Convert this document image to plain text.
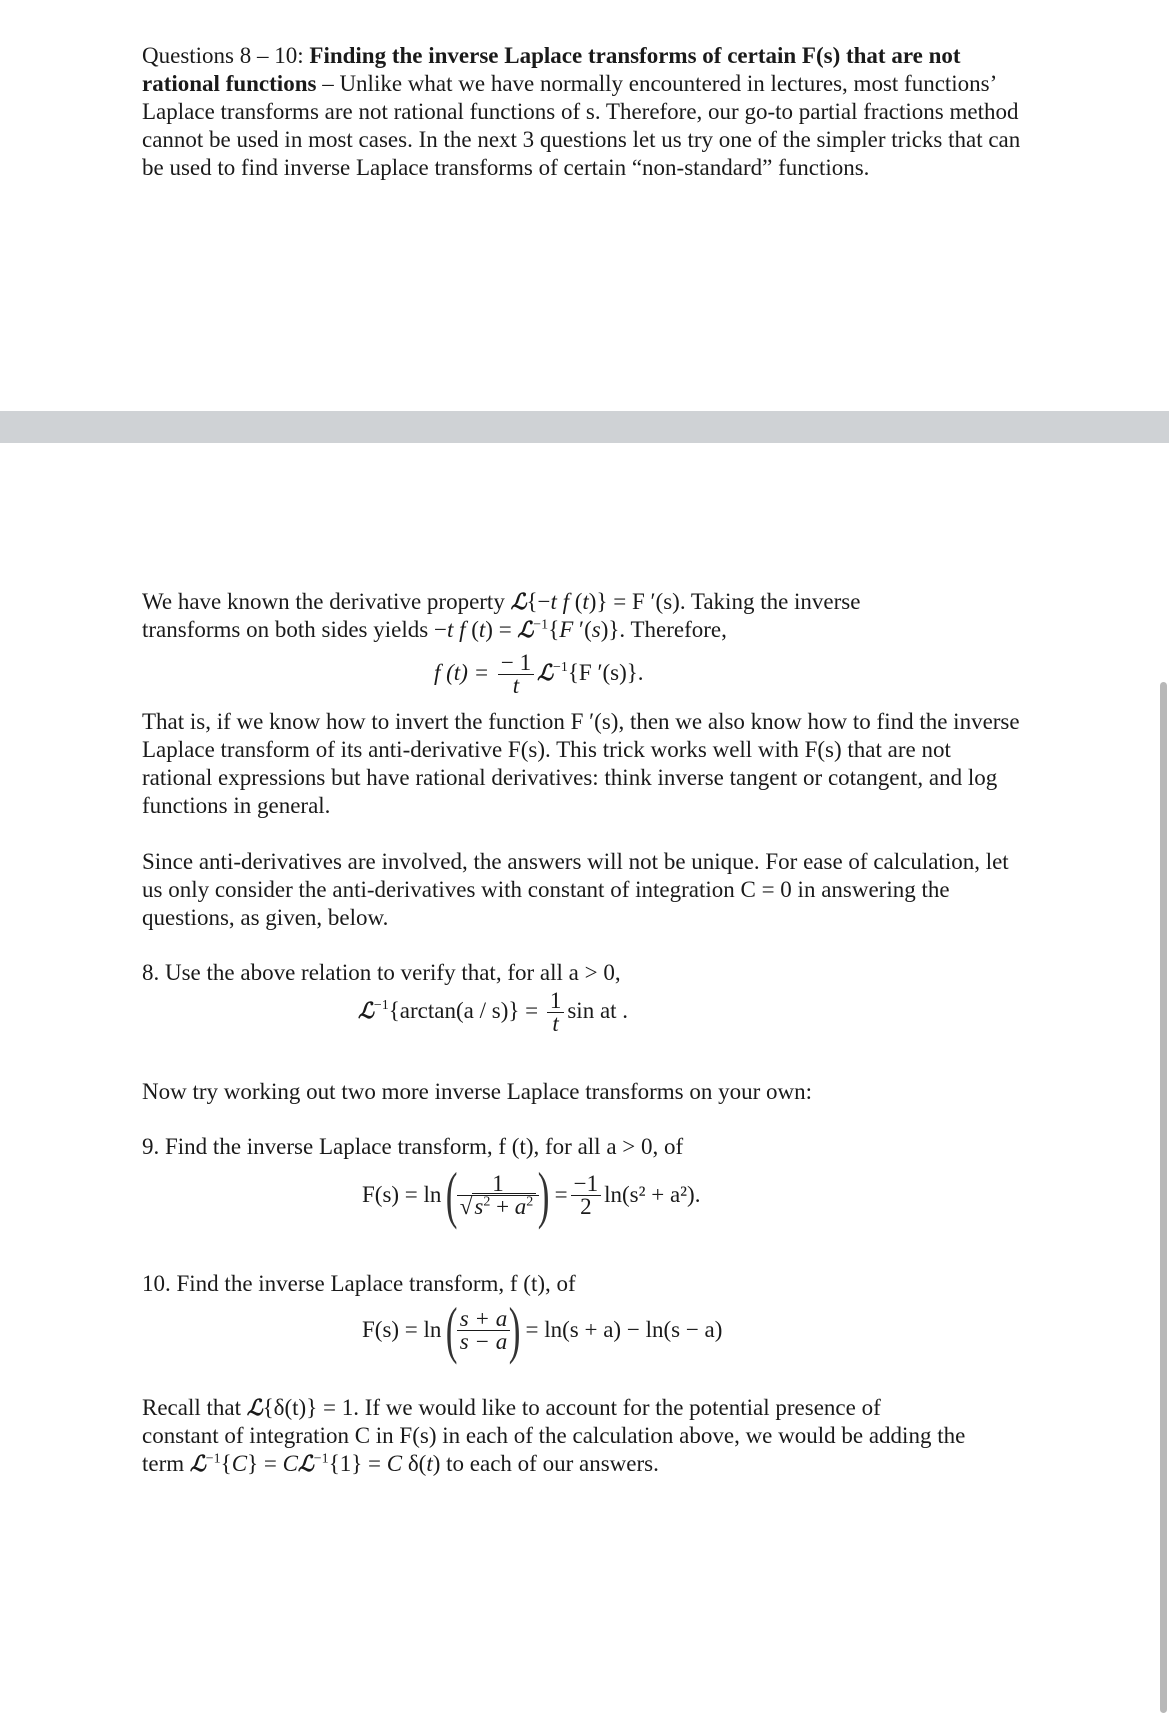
Questions 8 – 10: Finding the inverse Laplace transforms of certain F(s) that are not rational functions – Unlike what we have normally encountered in lectures, most functions’ Laplace transforms are not rational functions of s. Therefore, our go-to partial fractions method cannot be used in most cases. In the next 3 questions let us try one of the simpler tricks that can be used to find inverse Laplace transforms of certain “non-standard” functions.
We have known the derivative property ℒ{−t f (t)} = F ′(s). Taking the inverse
transforms on both sides yields −t f (t) = ℒ$^{-1}${F ′(s)}. Therefore,
f $(t) = \frac{- 1}{t}$ ℒ$^{-1}${F ′(s)}.
That is, if we know how to invert the function F ′(s), then we also know how to find the inverse Laplace transform of its anti-derivative F(s). This trick works well with F(s) that are not rational expressions but have rational derivatives: think inverse tangent or cotangent, and log functions in general.
Since anti-derivatives are involved, the answers will not be unique. For ease of calculation, let us only consider the anti-derivatives with constant of integration C = 0 in answering the questions, as given, below.
8. Use the above relation to verify that, for all a > 0,
ℒ$^{-1}${arctan(a / $s)\} = \frac{1}{t}$ sin at .
Now try working out two more inverse Laplace transforms on your own:
9. Find the inverse Laplace transform, f (t), for all a > 0, of
F(s) = ln (
$\frac{1}{√s^2 + a^2}$
) = $\frac{-1}{2} \ln(s^2 + a^2)$.
10. Find the inverse Laplace transform, f (t), of
F(s) = ln (
$\frac{s + a}{s - a}$
) = ln(s + a) − ln(s − a)
Recall that ℒ{δ(t)} = 1. If we would like to account for the potential presence of
constant of integration C in F(s) in each of the calculation above, we would be adding the
term ℒ$^{-1}${C} = Cℒ$^{-1}${1} = C δ(t) to each of our answers.
